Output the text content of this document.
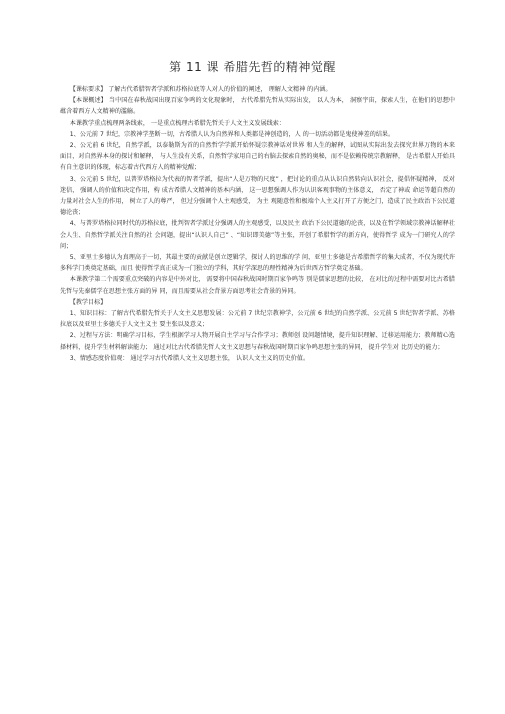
第 11 课 希腊先哲的精神觉醒

【课标要求】 了解古代希腊智者学派和苏格拉底等人对人的价值的阐述， 理解人文精神 的内涵。

【本课概述】 当中国在春秋战国出现百家争鸣的文化现象时， 古代希腊先哲从实际出发， 以人为本， 洞察宇宙，探索人生，在他们的思想中蕴含着西方人文精神的滥觞。

本课教学重点梳理两条线索， 一是重点梳理古希腊先哲关于人文主义发展线索：

1、公元前 7 世纪，宗教神学垄断一切，古希腊人认为自然界和人类都是神创造的，人 的一切活动都是鬼使神差的结果。

2、公元前 6 世纪，自然学派，以泰勒斯为首的自然哲学学派开始怀疑宗教神话对世界 和人生的解释，试图从实际出发去探究世界万物的本来面目，对自然界本身的探讨和解释， 与人生没有关系，自然哲学家用自己的右脑去探索自然的奥秘，而不是依赖传统宗教解释， 是古希腊人开始具有自主意识的体现，标志着古代西方人的精神觉醒；

3、公元前 5 世纪，以普罗塔格拉为代表的智者学派，提出“人是万物的尺度” ，把讨论的重点从认识自然转向认识社会，提倡怀疑精神， 反对迷信， 强调人的价值和决定作用，构 成古希腊人文精神的基本内涵， 这一思想强调人作为认识客观事物的主体意义， 否定了神或 命运等超自然的力量对社会人生的作用， 树立了人的尊严， 但过分强调个人主观感受， 为主 观随意性和极端个人主义打开了方便之门，造成了民主政治下公民道德沦丧；

4、与普罗塔格拉同时代的苏格拉底，批判智者学派过分强调人的主观感受，以及民主 政治下公民道德的沦丧，以及在哲学领域宗教神话解释社会人生、自然哲学派关注自然的社 会问题，提出“认识人自己” 、“知识即美德”等主张，开创了希腊哲学的新方向，使得哲学 成为一门研究人的学问；

5、亚里士多德认为真理高于一切，其最主要的贡献是创立逻辑学，探讨人的思维的学 问，亚里士多德是古希腊哲学的集大成者，不仅为现代许多科学门类奠定基础，而且 使得哲学真正成为一门独立的学科，其好学深思的理性精神为后世西方哲学奠定基础。

本课教学第二个需要重点突破的内容是中外对比， 需要将中国春秋战国时期百家争鸣等 别是儒家思想的比较， 在对比的过程中需要对比古希腊先哲与先秦儒学在思想主张方面的异 同，而且需要从社会背景方面思考社会背景的异同。

【教学目标】

1、知识目标：了解古代希腊先哲关于人文主义思想发展：公元前 7 世纪宗教神学，公元前 6 世纪的自然学派、公元前 5 世纪智者学派、苏格拉底以及亚里士多德关于人文主义主 要主张以及意义；

2、过程与方法：明确学习目标，学生根据学习人物开展自主学习与合作学习；教师创 设问题情境，提升知识理解、迁移运用能力；教师精心选择材料，提升学生材料解读能力； 通过对比古代希腊先哲人文主义思想与春秋战国时期百家争鸣思想主张的异同， 提升学生对 比历史的能力；

3、情感态度价值观： 通过学习古代希腊人文主义思想主张， 认识人文主义的历史价值。
